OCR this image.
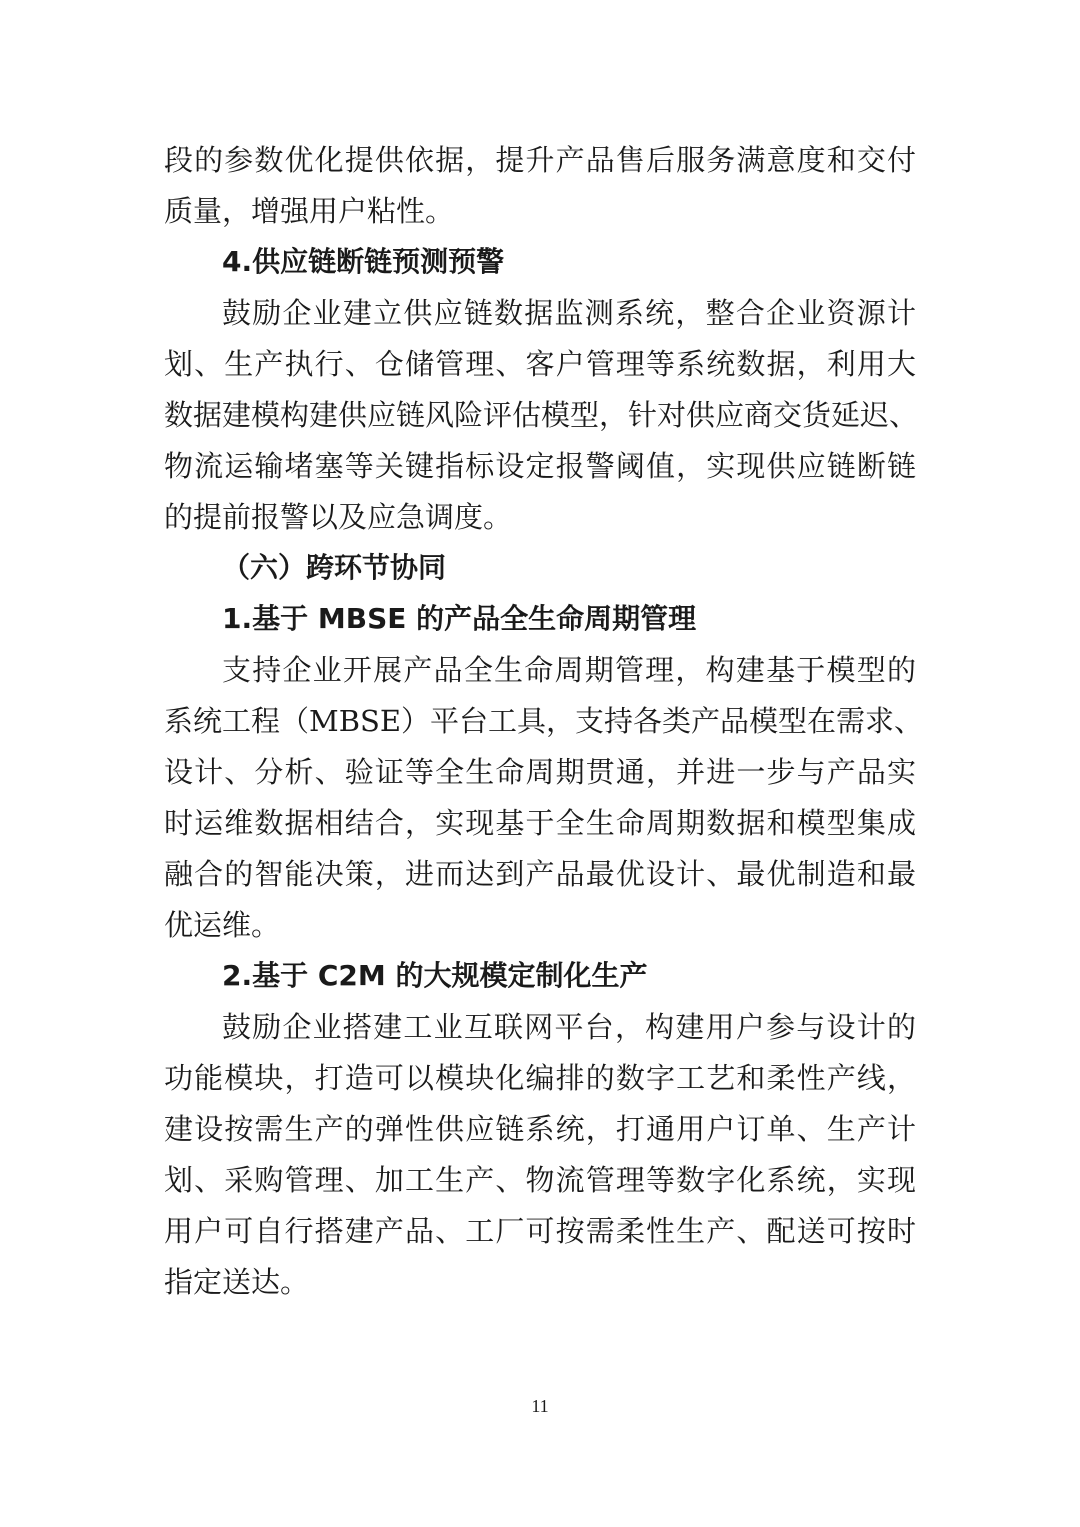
段的参数优化提供依据，提升产品售后服务满意度和交付
质量，增强用户粘性。
4.供应链断链预测预警
鼓励企业建立供应链数据监测系统，整合企业资源计
划、生产执行、仓储管理、客户管理等系统数据，利用大
数据建模构建供应链风险评估模型，针对供应商交货延迟、
物流运输堵塞等关键指标设定报警阈值，实现供应链断链
的提前报警以及应急调度。
（六）跨环节协同
1.基于 MBSE 的产品全生命周期管理
支持企业开展产品全生命周期管理，构建基于模型的
系统工程（MBSE）平台工具，支持各类产品模型在需求、
设计、分析、验证等全生命周期贯通，并进一步与产品实
时运维数据相结合，实现基于全生命周期数据和模型集成
融合的智能决策，进而达到产品最优设计、最优制造和最
优运维。
2.基于 C2M 的大规模定制化生产
鼓励企业搭建工业互联网平台，构建用户参与设计的
功能模块，打造可以模块化编排的数字工艺和柔性产线，
建设按需生产的弹性供应链系统，打通用户订单、生产计
划、采购管理、加工生产、物流管理等数字化系统，实现
用户可自行搭建产品、工厂可按需柔性生产、配送可按时
指定送达。
11
